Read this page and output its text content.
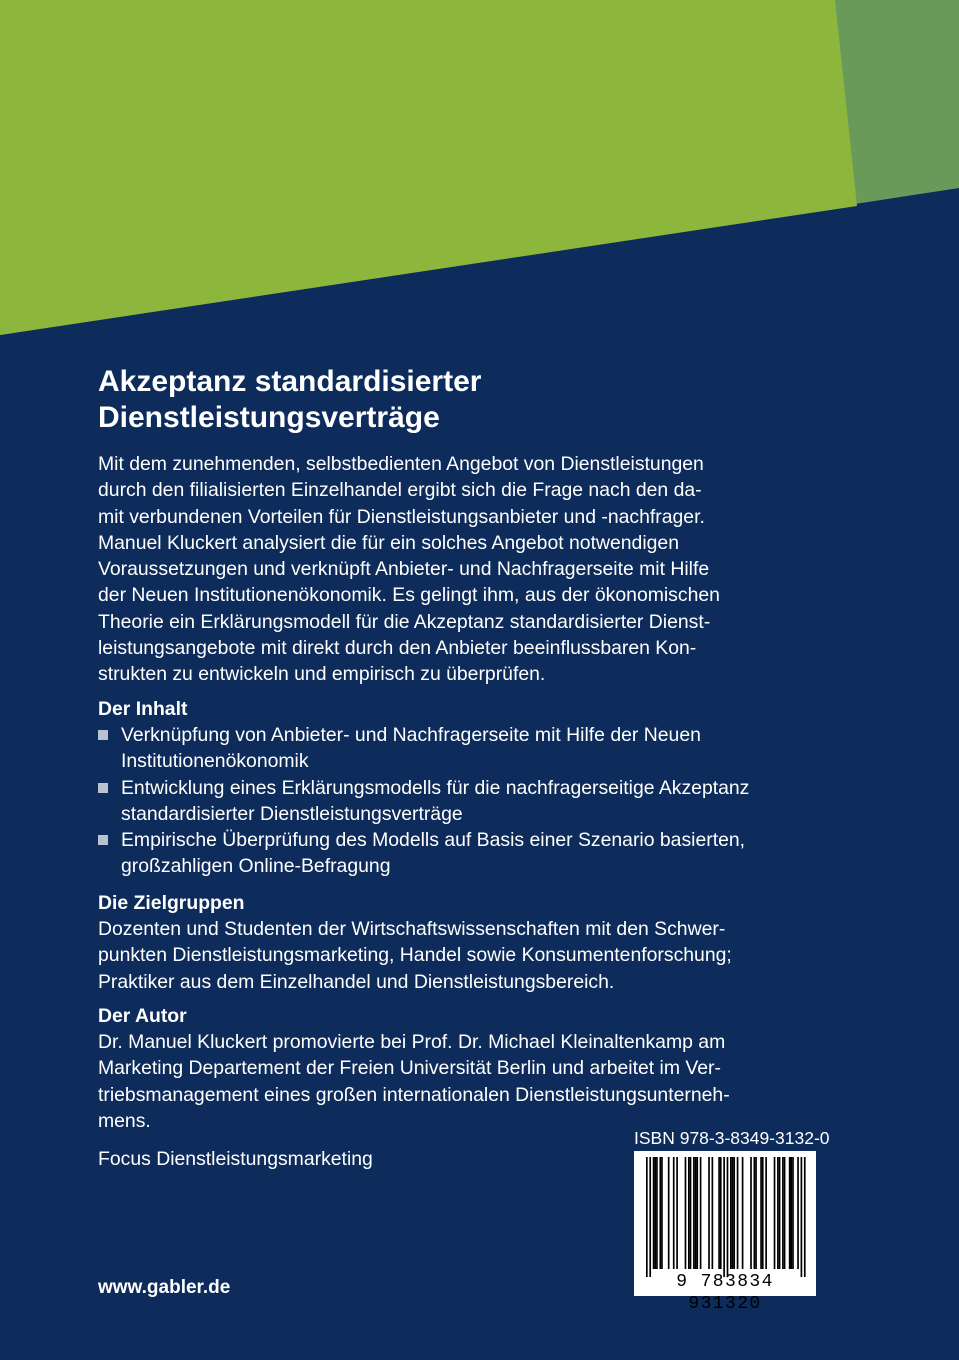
Akzeptanz standardisierter
Dienstleistungsverträge
Mit dem zunehmenden, selbstbedienten Angebot von Dienstleistungen
durch den filialisierten Einzelhandel ergibt sich die Frage nach den da-
mit verbundenen Vorteilen für Dienstleistungsanbieter und -nachfrager.
Manuel Kluckert analysiert die für ein solches Angebot notwendigen
Voraussetzungen und verknüpft Anbieter- und Nachfragerseite mit Hilfe
der Neuen Institutionenökonomik. Es gelingt ihm, aus der ökonomischen
Theorie ein Erklärungsmodell für die Akzeptanz standardisierter Dienst-
leistungsangebote mit direkt durch den Anbieter beeinflussbaren Kon-
strukten zu entwickeln und empirisch zu überprüfen.
Der Inhalt
Verknüpfung von Anbieter- und Nachfragerseite mit Hilfe der Neuen
Institutionenökonomik
Entwicklung eines Erklärungsmodells für die nachfragerseitige Akzeptanz
standardisierter Dienstleistungsverträge
Empirische Überprüfung des Modells auf Basis einer Szenario basierten,
großzahligen Online-Befragung
Die Zielgruppen
Dozenten und Studenten der Wirtschaftswissenschaften mit den Schwer-
punkten Dienstleistungsmarketing, Handel sowie Konsumentenforschung;
Praktiker aus dem Einzelhandel und Dienstleistungsbereich.
Der Autor
Dr. Manuel Kluckert promovierte bei Prof. Dr. Michael Kleinaltenkamp am
Marketing Departement der Freien Universität Berlin und arbeitet im Ver-
triebsmanagement eines großen internationalen Dienstleistungsunterneh-
mens.
Focus Dienstleistungsmarketing
ISBN 978-3-8349-3132-0
9 783834 931320
www.gabler.de
